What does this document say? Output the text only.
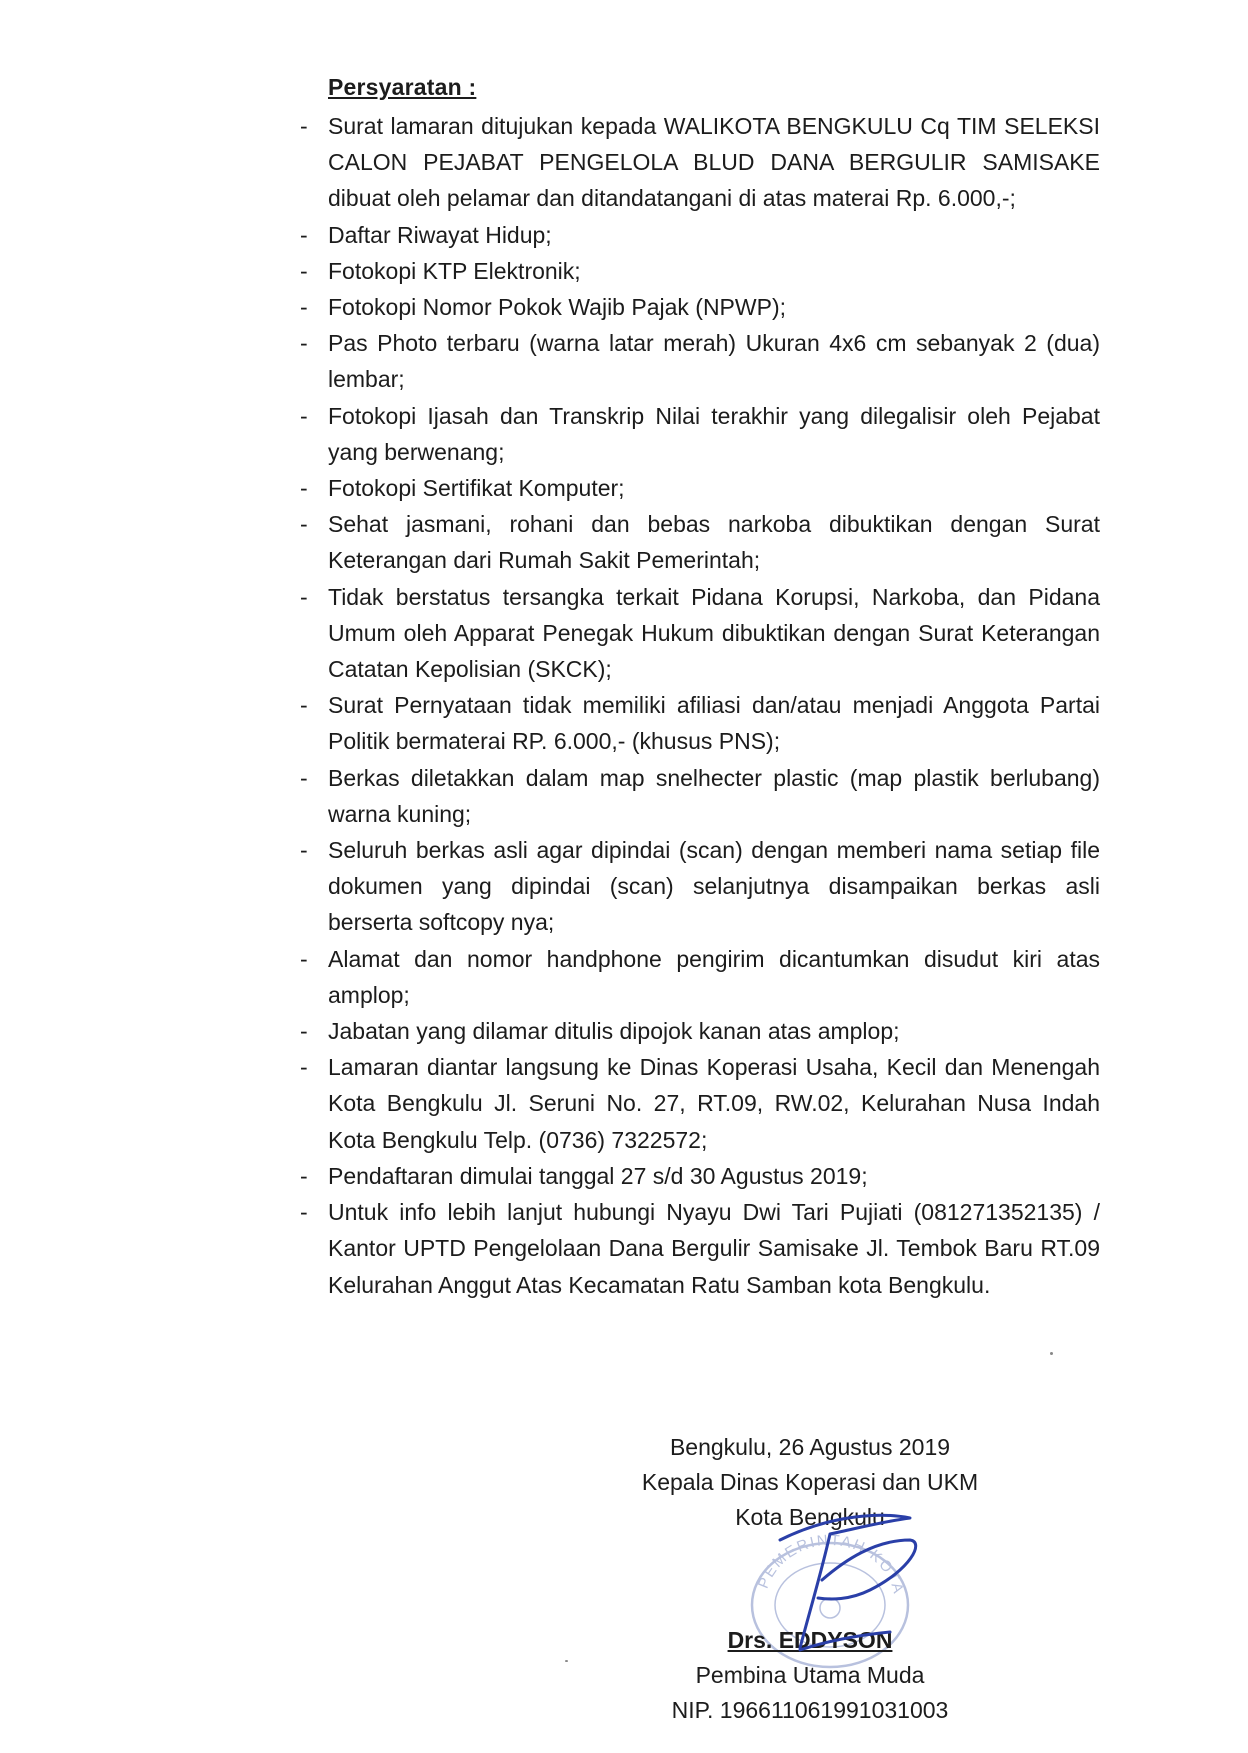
Persyaratan :
- Surat lamaran ditujukan kepada WALIKOTA BENGKULU Cq TIM SELEKSI CALON PEJABAT PENGELOLA BLUD DANA BERGULIR SAMISAKE dibuat oleh pelamar dan ditandatangani di atas materai Rp. 6.000,-;
- Daftar Riwayat Hidup;
- Fotokopi KTP Elektronik;
- Fotokopi Nomor Pokok Wajib Pajak (NPWP);
- Pas Photo terbaru (warna latar merah) Ukuran 4x6 cm sebanyak 2 (dua) lembar;
- Fotokopi Ijasah dan Transkrip Nilai terakhir yang dilegalisir oleh Pejabat yang berwenang;
- Fotokopi Sertifikat Komputer;
- Sehat jasmani, rohani dan bebas narkoba dibuktikan dengan Surat Keterangan dari Rumah Sakit Pemerintah;
- Tidak berstatus tersangka terkait Pidana Korupsi, Narkoba, dan Pidana Umum oleh Apparat Penegak Hukum dibuktikan dengan Surat Keterangan Catatan Kepolisian (SKCK);
- Surat Pernyataan tidak memiliki afiliasi dan/atau menjadi Anggota Partai Politik bermaterai RP. 6.000,- (khusus PNS);
- Berkas diletakkan dalam map snelhecter plastic (map plastik berlubang) warna kuning;
- Seluruh berkas asli agar dipindai (scan) dengan memberi nama setiap file dokumen yang dipindai (scan) selanjutnya disampaikan berkas asli berserta softcopy nya;
- Alamat dan nomor handphone pengirim dicantumkan disudut kiri atas amplop;
- Jabatan yang dilamar ditulis dipojok kanan atas amplop;
- Lamaran diantar langsung ke Dinas Koperasi Usaha, Kecil dan Menengah Kota Bengkulu Jl. Seruni No. 27, RT.09, RW.02, Kelurahan Nusa Indah Kota Bengkulu Telp. (0736) 7322572;
- Pendaftaran dimulai tanggal 27 s/d 30 Agustus 2019;
- Untuk info lebih lanjut hubungi Nyayu Dwi Tari Pujiati (081271352135) / Kantor UPTD Pengelolaan Dana Bergulir Samisake Jl. Tembok Baru RT.09 Kelurahan Anggut Atas Kecamatan Ratu Samban kota Bengkulu.
PEMERINTAH KOTA
Bengkulu, 26 Agustus 2019
Kepala Dinas Koperasi dan UKM
Kota Bengkulu
Drs. EDDYSON
Pembina Utama Muda
NIP. 196611061991031003
